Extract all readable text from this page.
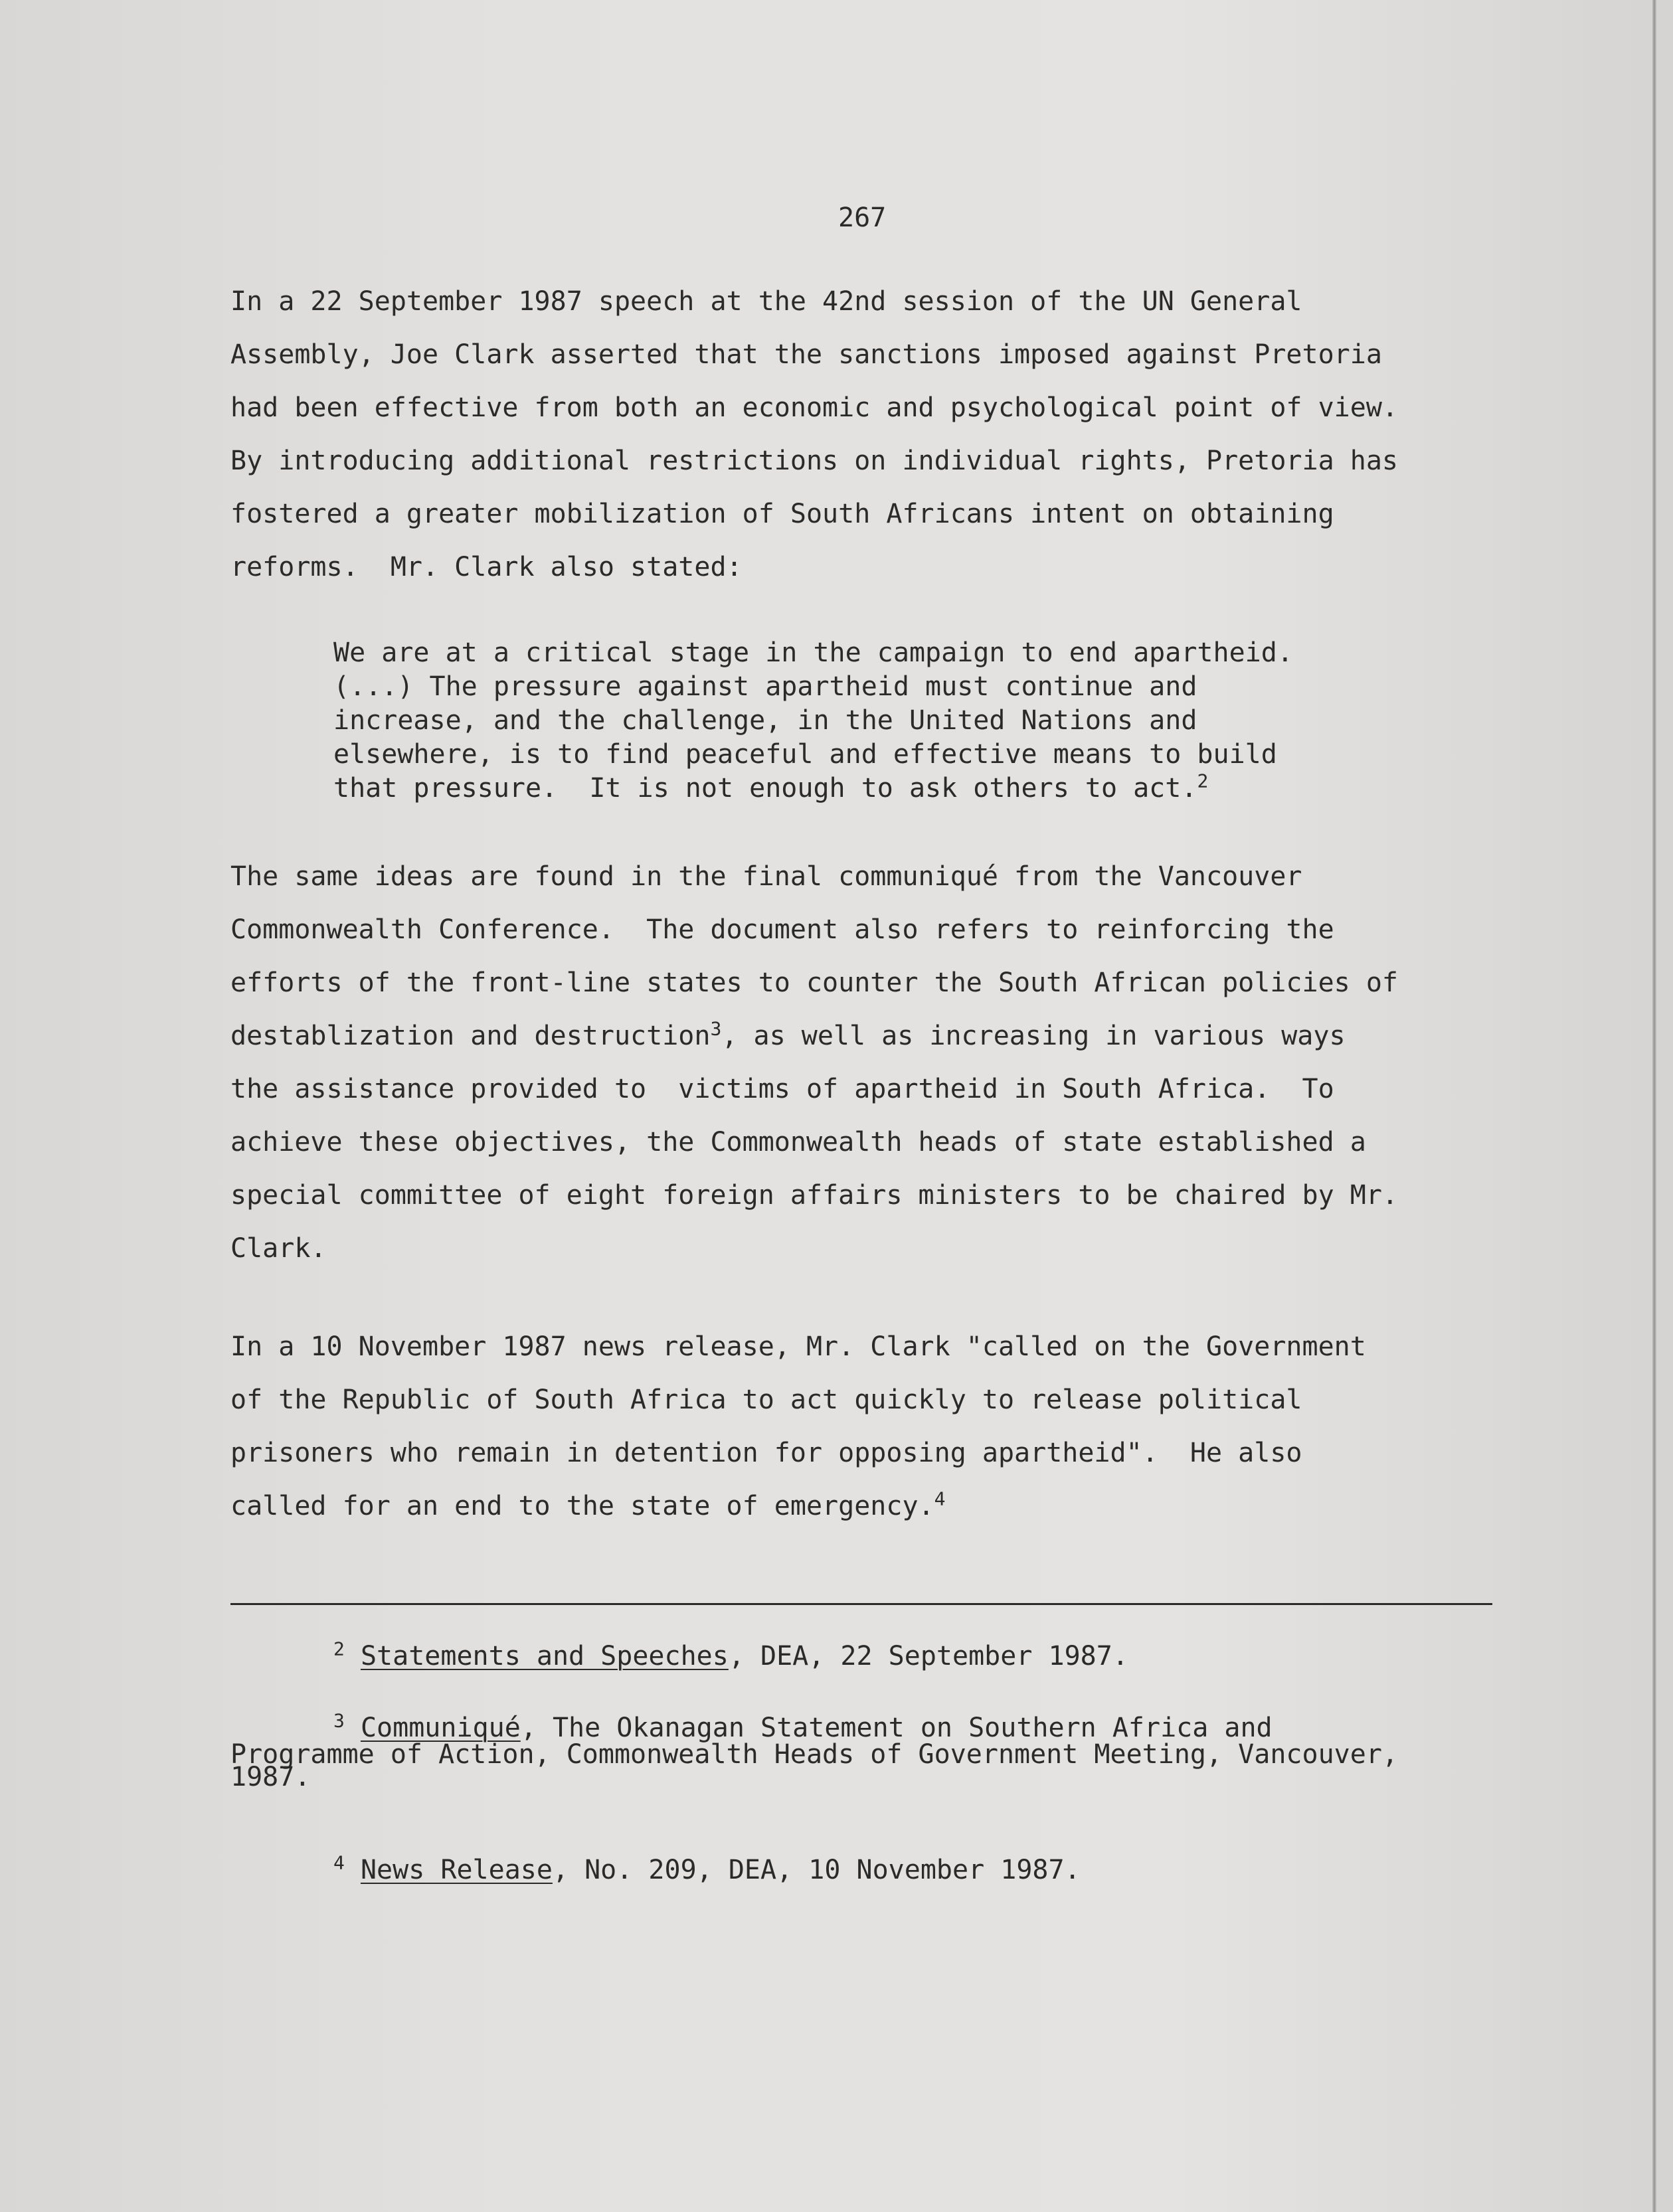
267
In a 22 September 1987 speech at the 42nd session of the UN General
Assembly, Joe Clark asserted that the sanctions imposed against Pretoria
had been effective from both an economic and psychological point of view.
By introducing additional restrictions on individual rights, Pretoria has
fostered a greater mobilization of South Africans intent on obtaining
reforms.  Mr. Clark also stated:
We are at a critical stage in the campaign to end apartheid.
(...) The pressure against apartheid must continue and
increase, and the challenge, in the United Nations and
elsewhere, is to find peaceful and effective means to build
that pressure.  It is not enough to ask others to act.$^2$
The same ideas are found in the final communiqué from the Vancouver
Commonwealth Conference.  The document also refers to reinforcing the
efforts of the front-line states to counter the South African policies of
destablization and destruction$^3$, as well as increasing in various ways
the assistance provided to  victims of apartheid in South Africa.  To
achieve these objectives, the Commonwealth heads of state established a
special committee of eight foreign affairs ministers to be chaired by Mr.
Clark.
In a 10 November 1987 news release, Mr. Clark "called on the Government
of the Republic of South Africa to act quickly to release political
prisoners who remain in detention for opposing apartheid".  He also
called for an end to the state of emergency.$^4$
$^2$ Statements and Speeches, DEA, 22 September 1987.
$^3$ Communiqué, The Okanagan Statement on Southern Africa and
Programme of Action, Commonwealth Heads of Government Meeting, Vancouver,
1987.
$^4$ News Release, No. 209, DEA, 10 November 1987.
